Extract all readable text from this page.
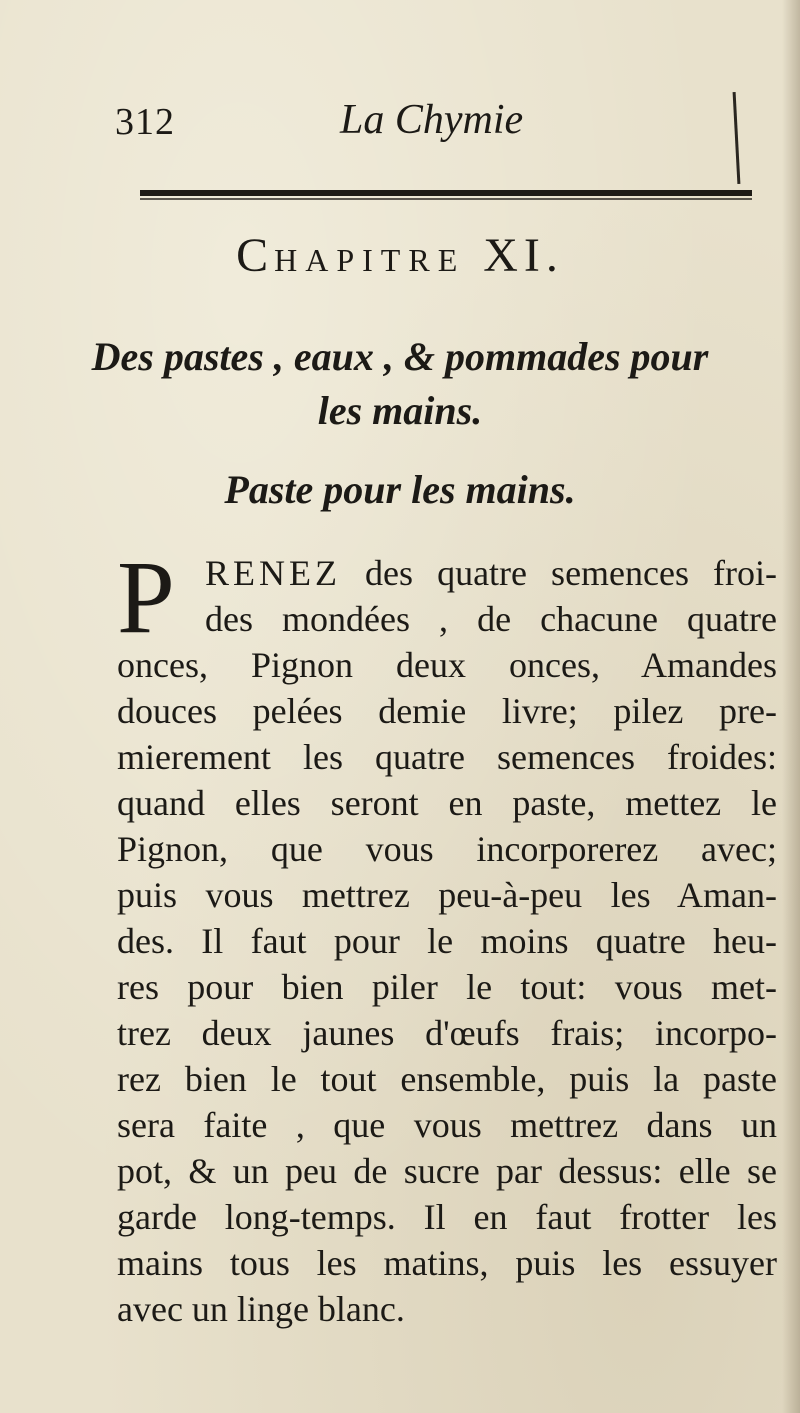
312	La Chymie
CHAPITRE XI.
Des pastes , eaux , & pommades pour
les mains.
Paste pour les mains.
P RENEZ des quatre semences froi-
des mondées , de chacune quatre
onces, Pignon deux onces, Amandes
douces pelées demie livre; pilez pre-
mierement les quatre semences froides:
quand elles seront en paste, mettez le
Pignon, que vous incorporerez avec;
puis vous mettrez peu-à-peu les Aman-
des. Il faut pour le moins quatre heu-
res pour bien piler le tout: vous met-
trez deux jaunes d'œufs frais; incorpo-
rez bien le tout ensemble, puis la paste
sera faite , que vous mettrez dans un
pot, & un peu de sucre par dessus: elle se
garde long-temps. Il en faut frotter les
mains tous les matins, puis les essuyer
avec un linge blanc.
